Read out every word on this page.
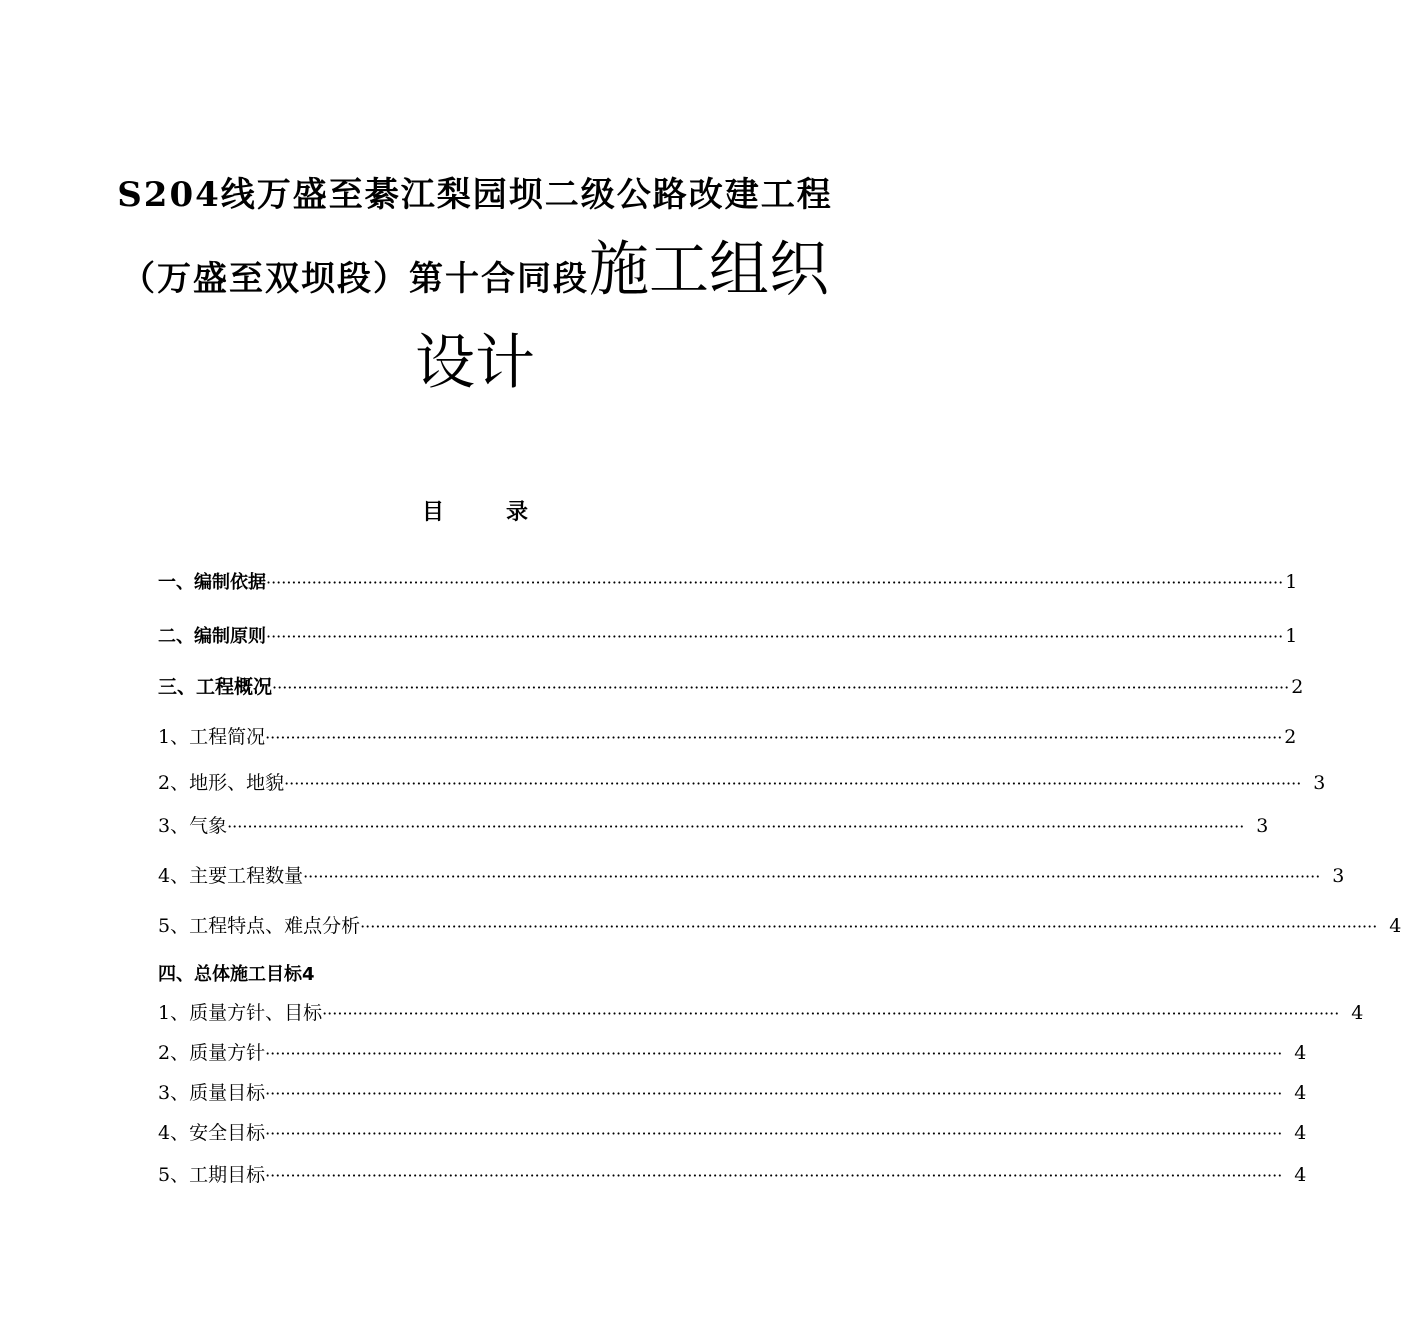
S204线万盛至綦江梨园坝二级公路改建工程
（万盛至双坝段）第十合同段施工组织
设计
目	录
一、编制依据 ········································································································································································································ 1
二、编制原则 ········································································································································································································ 1
三、工程概况 ········································································································································································································ 2
1、工程简况 ········································································································································································································ 2
2、地形、地貌 ········································································································································································································ 3
3、气象 ········································································································································································································ 3
4、主要工程数量 ········································································································································································································ 3
5、工程特点、难点分析 ········································································································································································································ 4
四、总体施工目标4
1、质量方针、目标 ········································································································································································································ 4
2、质量方针 ········································································································································································································ 4
3、质量目标 ········································································································································································································ 4
4、安全目标 ········································································································································································································ 4
5、工期目标 ········································································································································································································ 4
